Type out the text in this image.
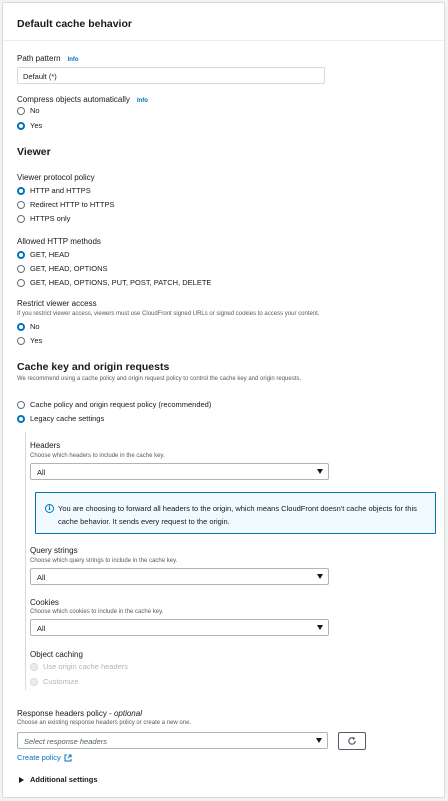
Default cache behavior
Path pattern Info
Default (*)
Compress objects automatically Info
No
Yes
Viewer
Viewer protocol policy
HTTP and HTTPS
Redirect HTTP to HTTPS
HTTPS only
Allowed HTTP methods
GET, HEAD
GET, HEAD, OPTIONS
GET, HEAD, OPTIONS, PUT, POST, PATCH, DELETE
Restrict viewer access
If you restrict viewer access, viewers must use CloudFront signed URLs or signed cookies to access your content.
No
Yes
Cache key and origin requests
We recommend using a cache policy and origin request policy to control the cache key and origin requests.
Cache policy and origin request policy (recommended)
Legacy cache settings
Headers
Choose which headers to include in the cache key.
All
i You are choosing to forward all headers to the origin, which means CloudFront doesn't cache objects for this cache behavior. It sends every request to the origin.
Query strings
Choose which query strings to include in the cache key.
All
Cookies
Choose which cookies to include in the cache key.
All
Object caching
Use origin cache headers
Customize
Response headers policy - optional
Choose an existing response headers policy or create a new one.
Select response headers
Create policy
Additional settings
